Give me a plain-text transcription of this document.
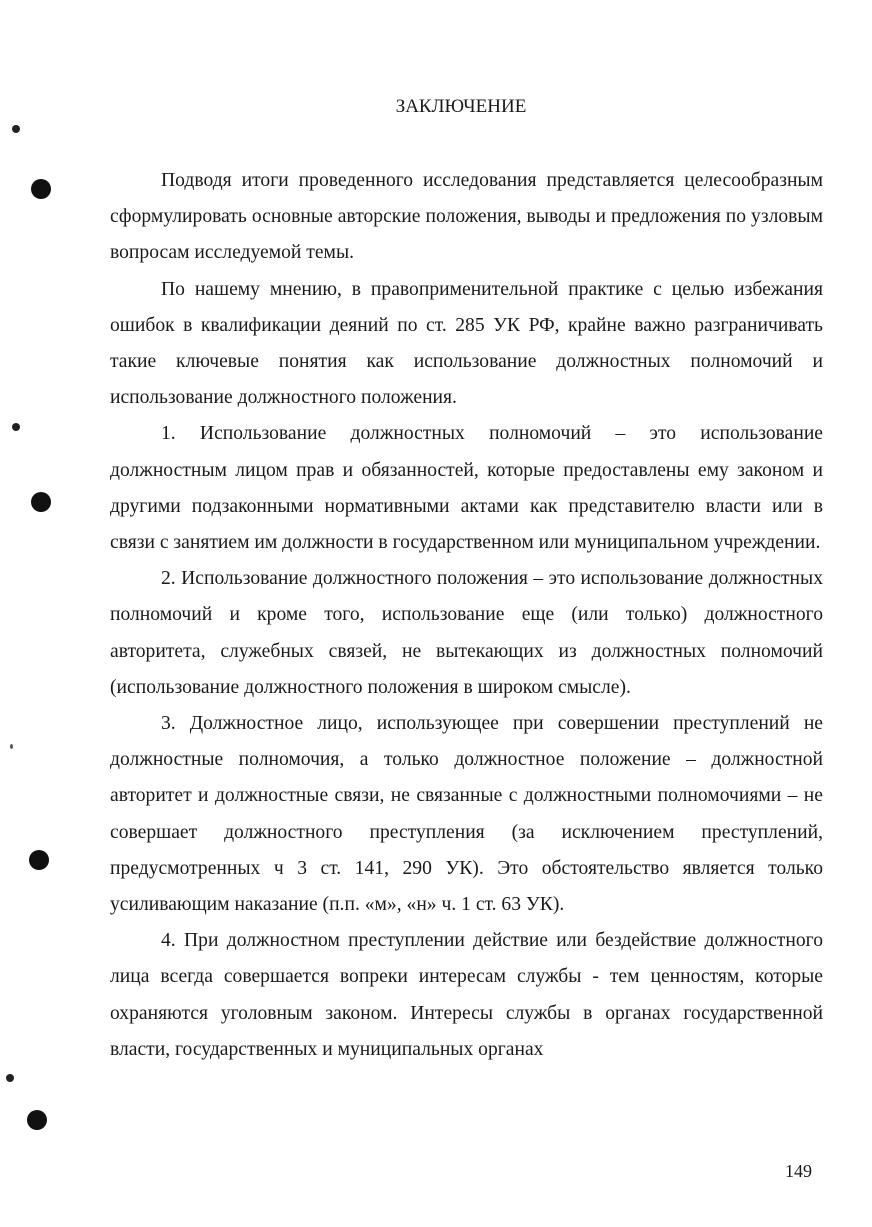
ЗАКЛЮЧЕНИЕ

Подводя итоги проведенного исследования представляется целесообразным сформулировать основные авторские положения, выводы и предложения по узловым вопросам исследуемой темы.

По нашему мнению, в правоприменительной практике с целью избежания ошибок в квалификации деяний по ст. 285 УК РФ, крайне важно разграничивать такие ключевые понятия как использование должностных полномочий и использование должностного положения.

1. Использование должностных полномочий – это использование должностным лицом прав и обязанностей, которые предоставлены ему законом и другими подзаконными нормативными актами как представителю власти или в связи с занятием им должности в государственном или муниципальном учреждении.

2. Использование должностного положения – это использование должностных полномочий и кроме того, использование еще (или только) должностного авторитета, служебных связей, не вытекающих из должностных полномочий (использование должностного положения в широком смысле).

3. Должностное лицо, использующее при совершении преступлений не должностные полномочия, а только должностное положение – должностной авторитет и должностные связи, не связанные с должностными полномочиями – не совершает должностного преступления (за исключением преступлений, предусмотренных ч 3 ст. 141, 290 УК). Это обстоятельство является только усиливающим наказание (п.п. «м», «н» ч. 1 ст. 63 УК).

4. При должностном преступлении действие или бездействие должностного лица всегда совершается вопреки интересам службы - тем ценностям, которые охраняются уголовным законом. Интересы службы в органах государственной власти, государственных и муниципальных органах

149
